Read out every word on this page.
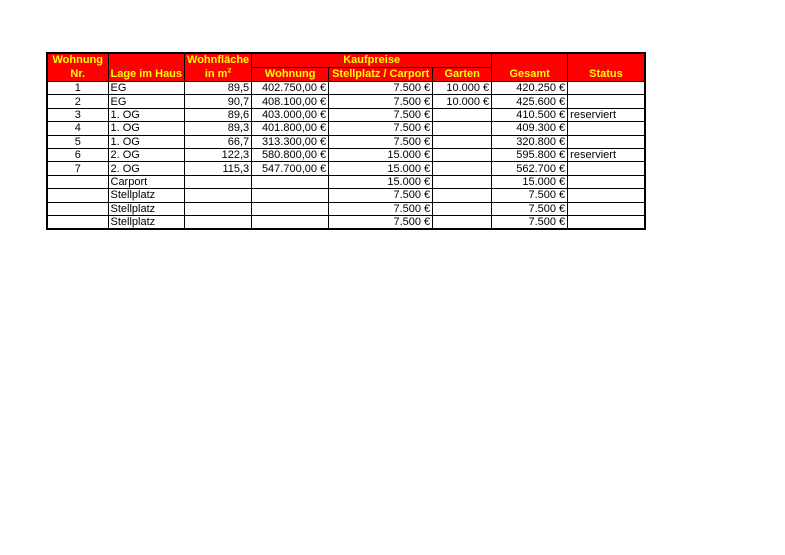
Wohnung		Wohnfläche	Kaufpreise				
Nr.	Lage im Haus	in $m^2$	Wohnung	Stellplatz / Carport	Garten	Gesamt	Status
1	EG	89,5	402.750,00 €	7.500 €	10.000 €	420.250 €	
2	EG	90,7	408.100,00 €	7.500 €	10.000 €	425.600 €	
3	1. OG	89,6	403.000,00 €	7.500 €		410.500 €	reserviert
4	1. OG	89,3	401.800,00 €	7.500 €		409.300 €	
5	1. OG	66,7	313.300,00 €	7.500 €		320.800 €	
6	2. OG	122,3	580.800,00 €	15.000 €		595.800 €	reserviert
7	2. OG	115,3	547.700,00 €	15.000 €		562.700 €	
	Carport			15.000 €		15.000 €	
	Stellplatz			7.500 €		7.500 €	
	Stellplatz			7.500 €		7.500 €	
	Stellplatz			7.500 €		7.500 €	
